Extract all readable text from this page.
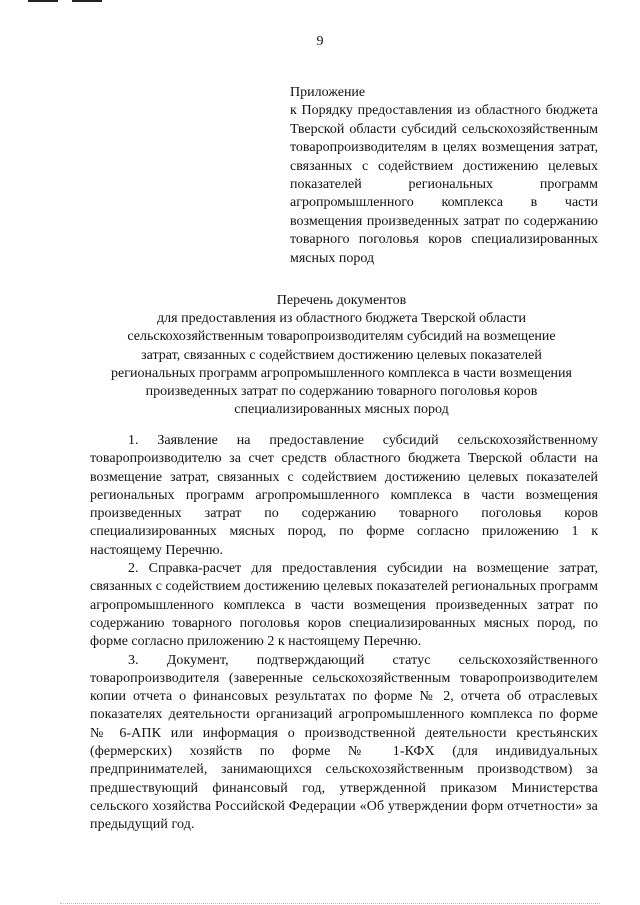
9
Приложение
к Порядку предоставления из областного бюджета Тверской области субсидий сельскохозяйственным товаропроизводителям в целях возмещения затрат, связанных с содействием достижению целевых показателей региональных программ агропромышленного комплекса в части возмещения произведенных затрат по содержанию товарного поголовья коров специализированных мясных пород
Перечень документов
для предоставления из областного бюджета Тверской области
сельскохозяйственным товаропроизводителям субсидий на возмещение
затрат, связанных с содействием достижению целевых показателей
региональных программ агропромышленного комплекса в части возмещения
произведенных затрат по содержанию товарного поголовья коров
специализированных мясных пород

1. Заявление на предоставление субсидий сельскохозяйственному товаропроизводителю за счет средств областного бюджета Тверской области на возмещение затрат, связанных с содействием достижению целевых показателей региональных программ агропромышленного комплекса в части возмещения произведенных затрат по содержанию товарного поголовья коров специализированных мясных пород, по форме согласно приложению 1 к настоящему Перечню.

2. Справка-расчет для предоставления субсидии на возмещение затрат, связанных с содействием достижению целевых показателей региональных программ агропромышленного комплекса в части возмещения произведенных затрат по содержанию товарного поголовья коров специализированных мясных пород, по форме согласно приложению 2 к настоящему Перечню.

3. Документ, подтверждающий статус сельскохозяйственного товаропроизводителя (заверенные сельскохозяйственным товаропроизводителем копии отчета о финансовых результатах по форме № 2, отчета об отраслевых показателях деятельности организаций агропромышленного комплекса по форме № 6-АПК или информация о производственной деятельности крестьянских (фермерских) хозяйств по форме № 1-КФХ (для индивидуальных предпринимателей, занимающихся сельскохозяйственным производством) за предшествующий финансовый год, утвержденной приказом Министерства сельского хозяйства Российской Федерации «Об утверждении форм отчетности» за предыдущий год.
